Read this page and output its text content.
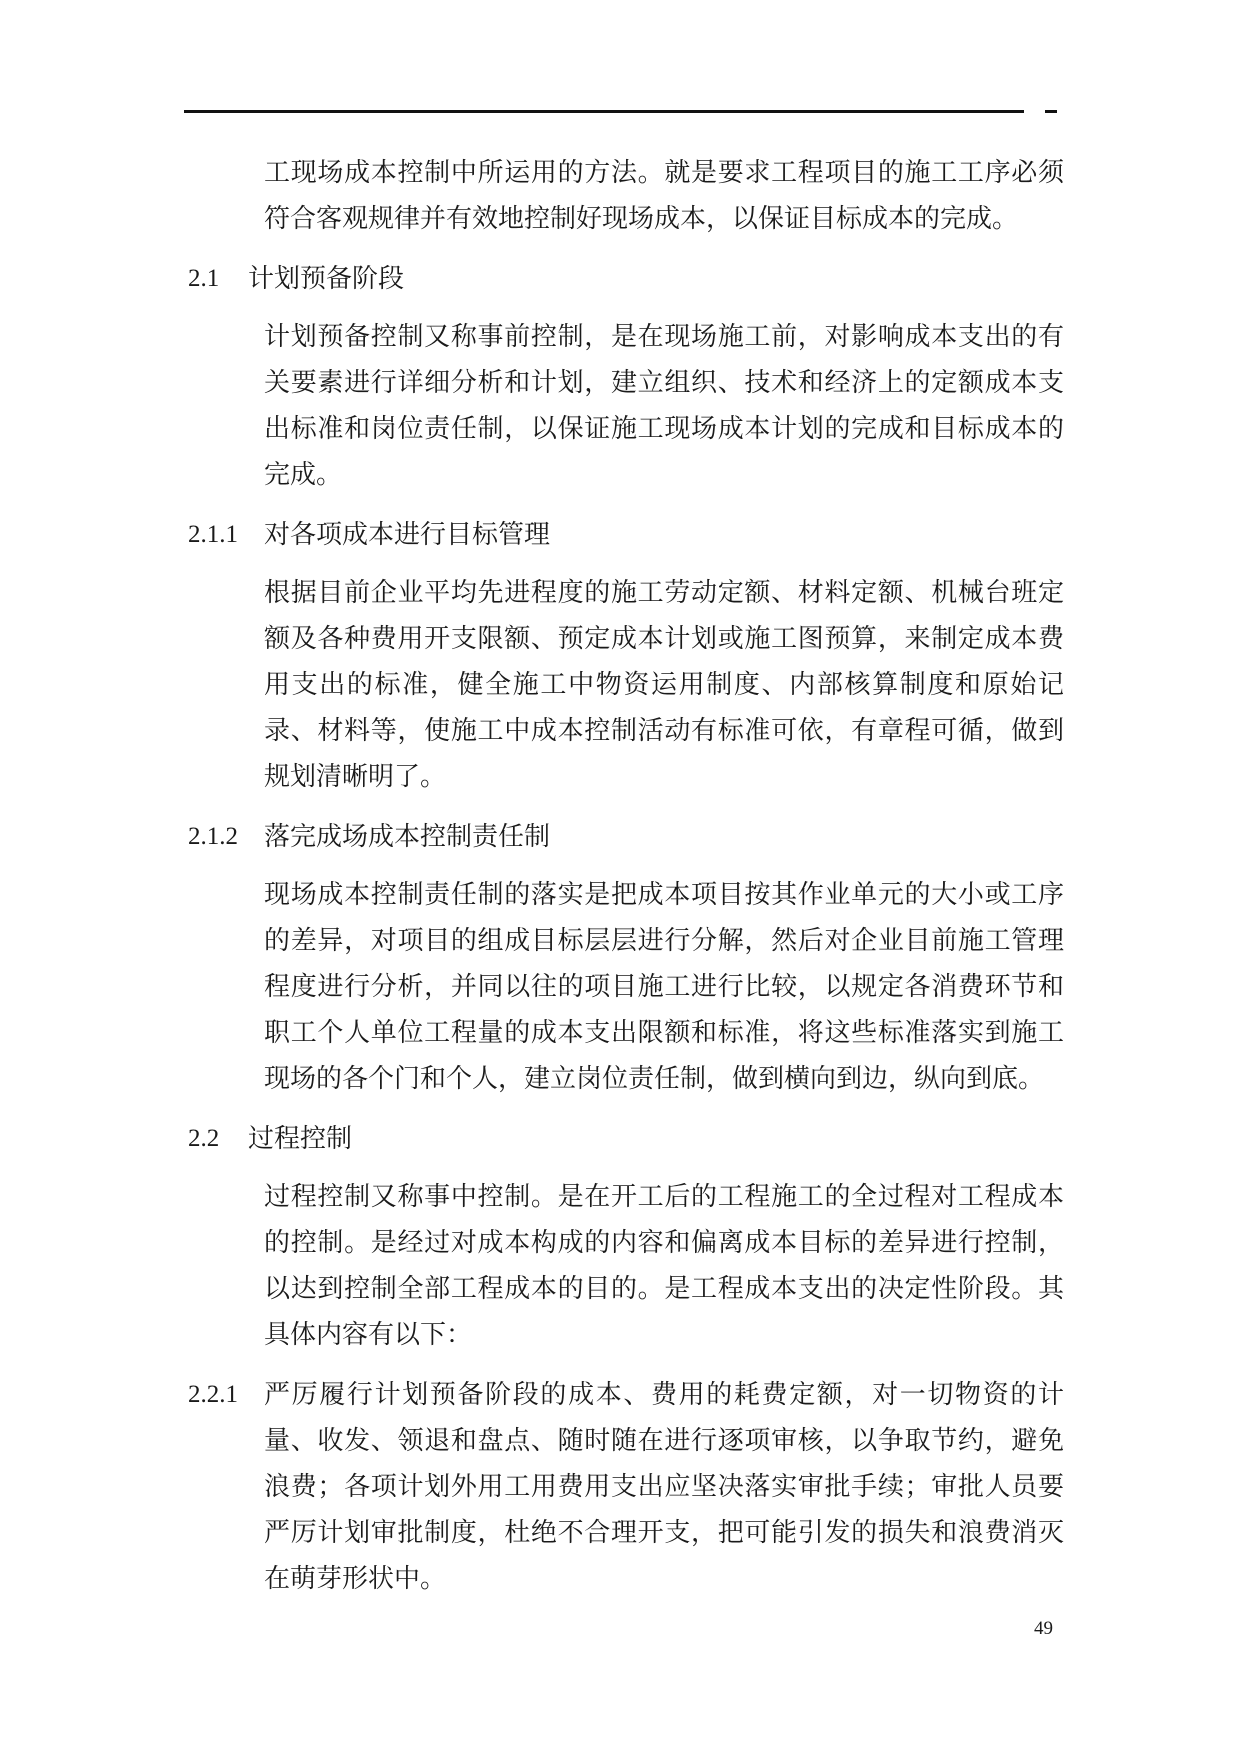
工现场成本控制中所运用的方法。就是要求工程项目的施工工序必须符合客观规律并有效地控制好现场成本，以保证目标成本的完成。
2.1 计划预备阶段
计划预备控制又称事前控制，是在现场施工前，对影响成本支出的有关要素进行详细分析和计划，建立组织、技术和经济上的定额成本支出标准和岗位责任制，以保证施工现场成本计划的完成和目标成本的完成。
2.1.1 对各项成本进行目标管理
根据目前企业平均先进程度的施工劳动定额、材料定额、机械台班定额及各种费用开支限额、预定成本计划或施工图预算，来制定成本费用支出的标准，健全施工中物资运用制度、内部核算制度和原始记录、材料等，使施工中成本控制活动有标准可依，有章程可循，做到规划清晰明了。
2.1.2 落完成场成本控制责任制
现场成本控制责任制的落实是把成本项目按其作业单元的大小或工序的差异，对项目的组成目标层层进行分解，然后对企业目前施工管理程度进行分析，并同以往的项目施工进行比较，以规定各消费环节和职工个人单位工程量的成本支出限额和标准，将这些标准落实到施工现场的各个门和个人，建立岗位责任制，做到横向到边，纵向到底。
2.2 过程控制
过程控制又称事中控制。是在开工后的工程施工的全过程对工程成本的控制。是经过对成本构成的内容和偏离成本目标的差异进行控制，以达到控制全部工程成本的目的。是工程成本支出的决定性阶段。其具体内容有以下：
2.2.1 严厉履行计划预备阶段的成本、费用的耗费定额，对一切物资的计量、收发、领退和盘点、随时随在进行逐项审核，以争取节约，避免浪费；各项计划外用工用费用支出应坚决落实审批手续；审批人员要严厉计划审批制度，杜绝不合理开支，把可能引发的损失和浪费消灭在萌芽形状中。
49
